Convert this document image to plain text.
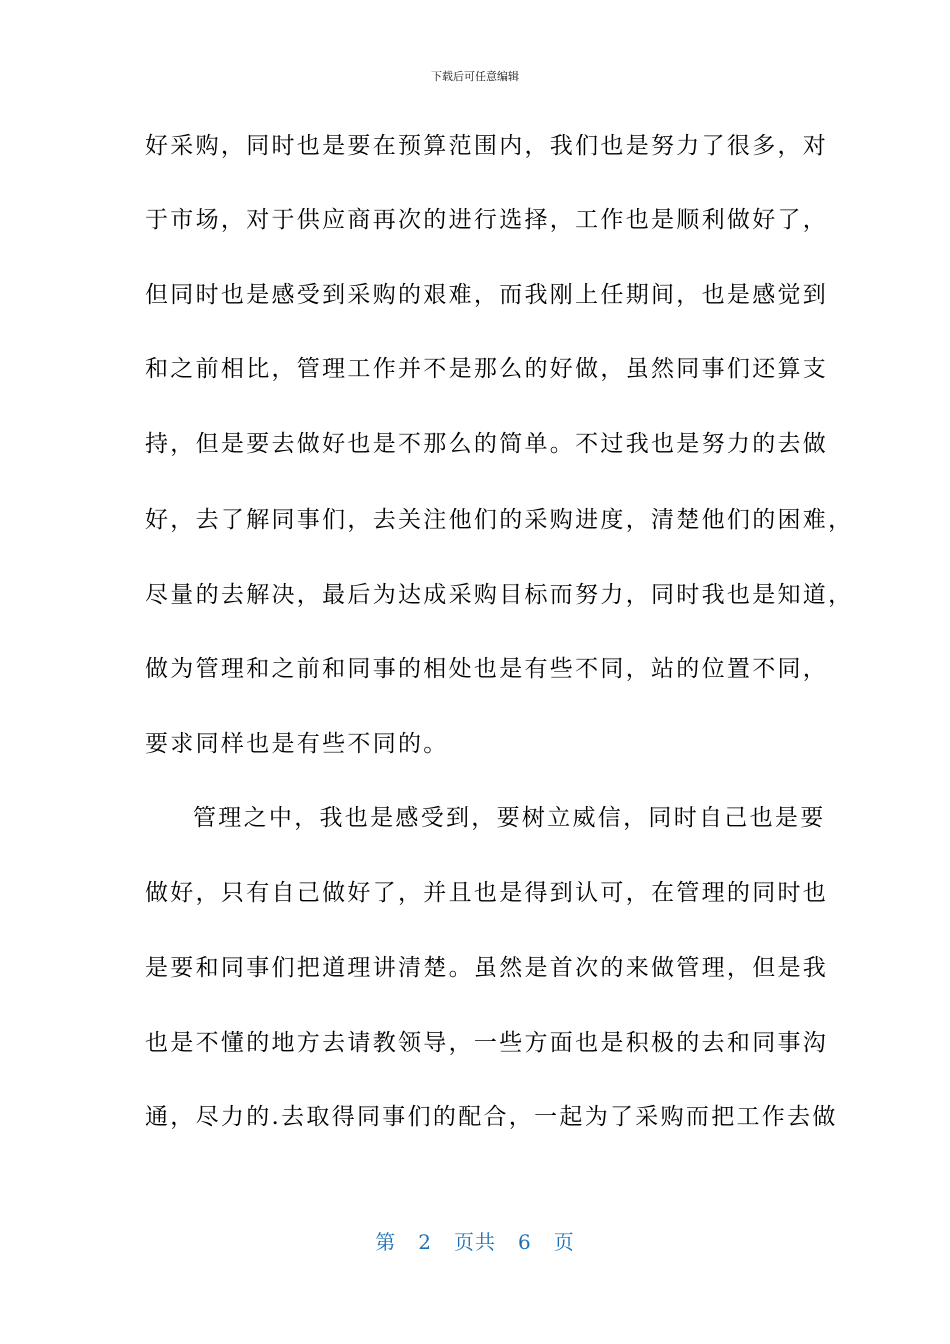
下载后可任意编辑
好采购，同时也是要在预算范围内，我们也是努力了很多，对
于市场，对于供应商再次的进行选择，工作也是顺利做好了，
但同时也是感受到采购的艰难，而我刚上任期间，也是感觉到
和之前相比，管理工作并不是那么的好做，虽然同事们还算支
持，但是要去做好也是不那么的简单。不过我也是努力的去做
好，去了解同事们，去关注他们的采购进度，清楚他们的困难，
尽量的去解决，最后为达成采购目标而努力，同时我也是知道，
做为管理和之前和同事的相处也是有些不同，站的位置不同，
要求同样也是有些不同的。
管理之中，我也是感受到，要树立威信，同时自己也是要
做好，只有自己做好了，并且也是得到认可，在管理的同时也
是要和同事们把道理讲清楚。虽然是首次的来做管理，但是我
也是不懂的地方去请教领导，一些方面也是积极的去和同事沟
通，尽力的.去取得同事们的配合，一起为了采购而把工作去做
第 2 页共 6 页
